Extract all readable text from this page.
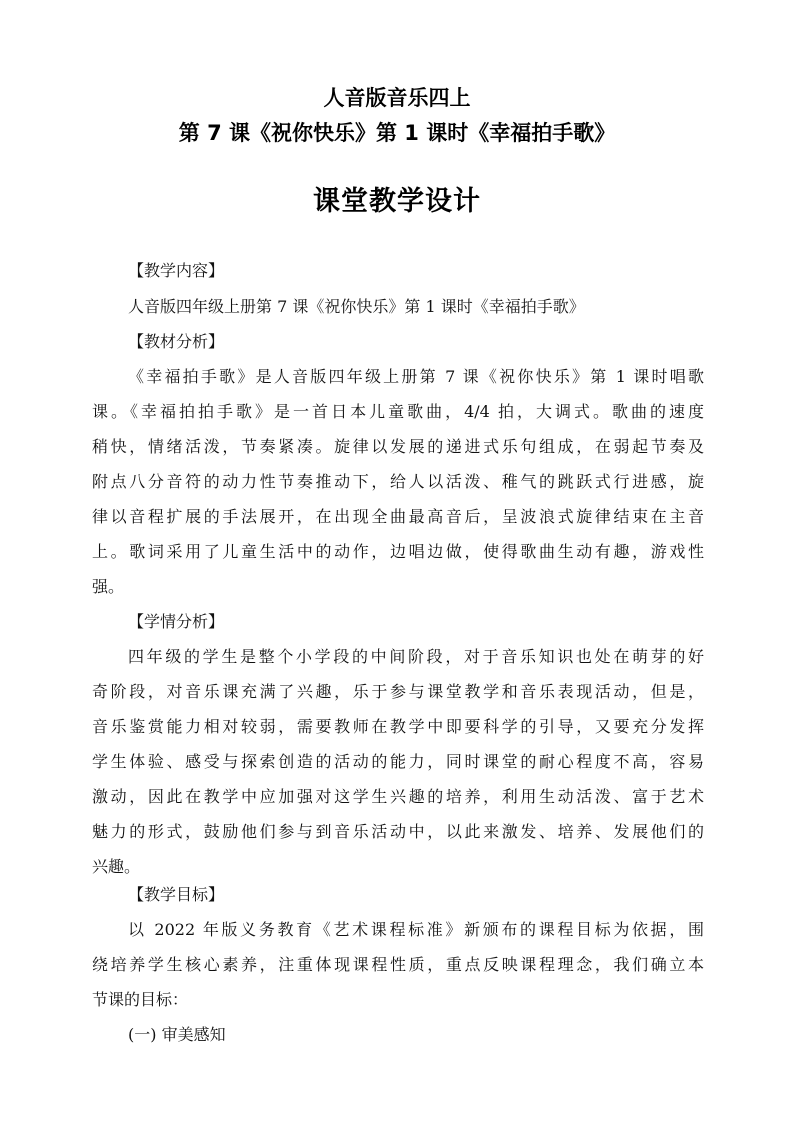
人音版音乐四上
第 7 课《祝你快乐》第 1 课时《幸福拍手歌》
课堂教学设计
【教学内容】
人音版四年级上册第 7 课《祝你快乐》第 1 课时《幸福拍手歌》
【教材分析】
《幸福拍手歌》是人音版四年级上册第 7 课《祝你快乐》第 1 课时唱歌
课。《幸福拍拍手歌》是一首日本儿童歌曲，4/4 拍，大调式。歌曲的速度
稍快，情绪活泼，节奏紧凑。旋律以发展的递进式乐句组成，在弱起节奏及
附点八分音符的动力性节奏推动下，给人以活泼、稚气的跳跃式行进感，旋
律以音程扩展的手法展开，在出现全曲最高音后，呈波浪式旋律结束在主音
上。歌词采用了儿童生活中的动作，边唱边做，使得歌曲生动有趣，游戏性
强。
【学情分析】
四年级的学生是整个小学段的中间阶段，对于音乐知识也处在萌芽的好
奇阶段，对音乐课充满了兴趣，乐于参与课堂教学和音乐表现活动，但是，
音乐鉴赏能力相对较弱，需要教师在教学中即要科学的引导，又要充分发挥
学生体验、感受与探索创造的活动的能力，同时课堂的耐心程度不高，容易
激动，因此在教学中应加强对这学生兴趣的培养，利用生动活泼、富于艺术
魅力的形式，鼓励他们参与到音乐活动中，以此来激发、培养、发展他们的
兴趣。
【教学目标】
以 2022 年版义务教育《艺术课程标准》新颁布的课程目标为依据，围
绕培养学生核心素养，注重体现课程性质，重点反映课程理念，我们确立本
节课的目标：
(一) 审美感知
